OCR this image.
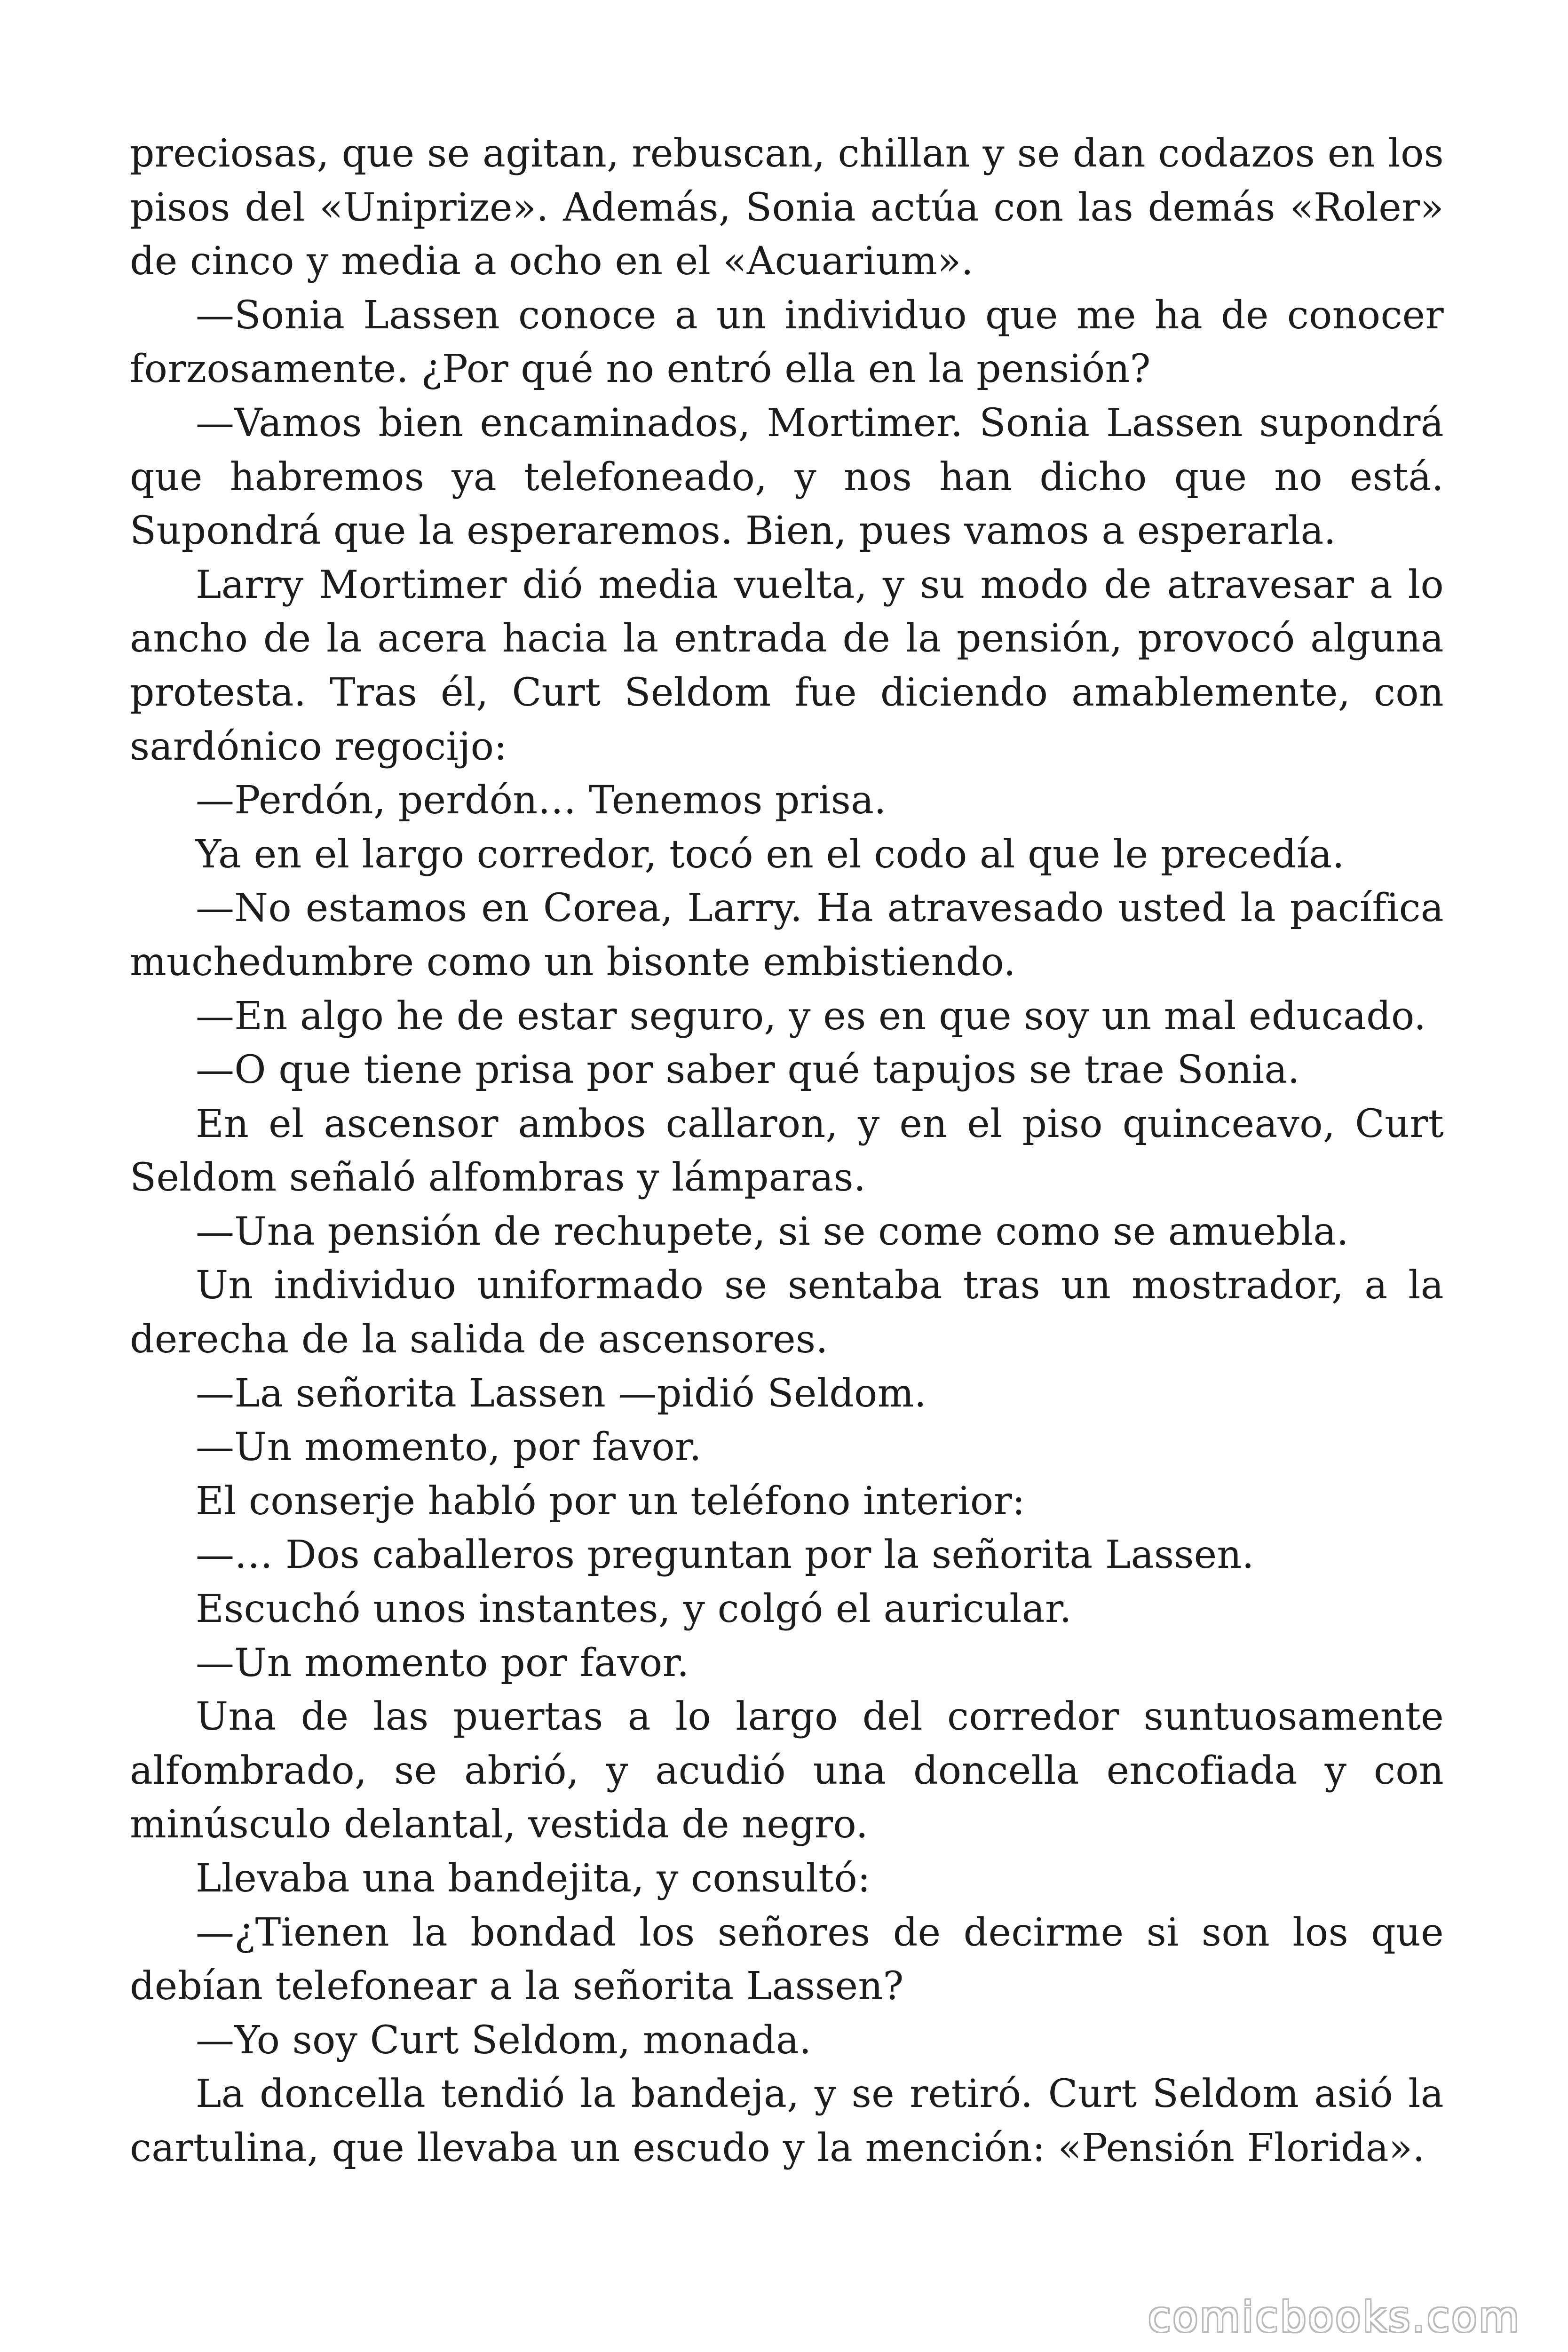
preciosas, que se agitan, rebuscan, chillan y se dan codazos en los pisos del «Uniprize». Además, Sonia actúa con las demás «Roler» de cinco y media a ocho en el «Acuarium».

—Sonia Lassen conoce a un individuo que me ha de conocer forzosamente. ¿Por qué no entró ella en la pensión?

—Vamos bien encaminados, Mortimer. Sonia Lassen supondrá que habremos ya telefoneado, y nos han dicho que no está. Supondrá que la esperaremos. Bien, pues vamos a esperarla.

Larry Mortimer dió media vuelta, y su modo de atravesar a lo ancho de la acera hacia la entrada de la pensión, provocó alguna protesta. Tras él, Curt Seldom fue diciendo amablemente, con sardónico regocijo:

—Perdón, perdón… Tenemos prisa.

Ya en el largo corredor, tocó en el codo al que le precedía.

—No estamos en Corea, Larry. Ha atravesado usted la pacífica muchedumbre como un bisonte embistiendo.

—En algo he de estar seguro, y es en que soy un mal educado.

—O que tiene prisa por saber qué tapujos se trae Sonia.

En el ascensor ambos callaron, y en el piso quinceavo, Curt Seldom señaló alfombras y lámparas.

—Una pensión de rechupete, si se come como se amuebla.

Un individuo uniformado se sentaba tras un mostrador, a la derecha de la salida de ascensores.

—La señorita Lassen —pidió Seldom.

—Un momento, por favor.

El conserje habló por un teléfono interior:

—… Dos caballeros preguntan por la señorita Lassen.

Escuchó unos instantes, y colgó el auricular.

—Un momento por favor.

Una de las puertas a lo largo del corredor suntuosamente alfombrado, se abrió, y acudió una doncella encofiada y con minúsculo delantal, vestida de negro.

Llevaba una bandejita, y consultó:

—¿Tienen la bondad los señores de decirme si son los que debían telefonear a la señorita Lassen?

—Yo soy Curt Seldom, monada.

La doncella tendió la bandeja, y se retiró. Curt Seldom asió la cartulina, que llevaba un escudo y la mención: «Pensión Florida».

comicbooks.com
